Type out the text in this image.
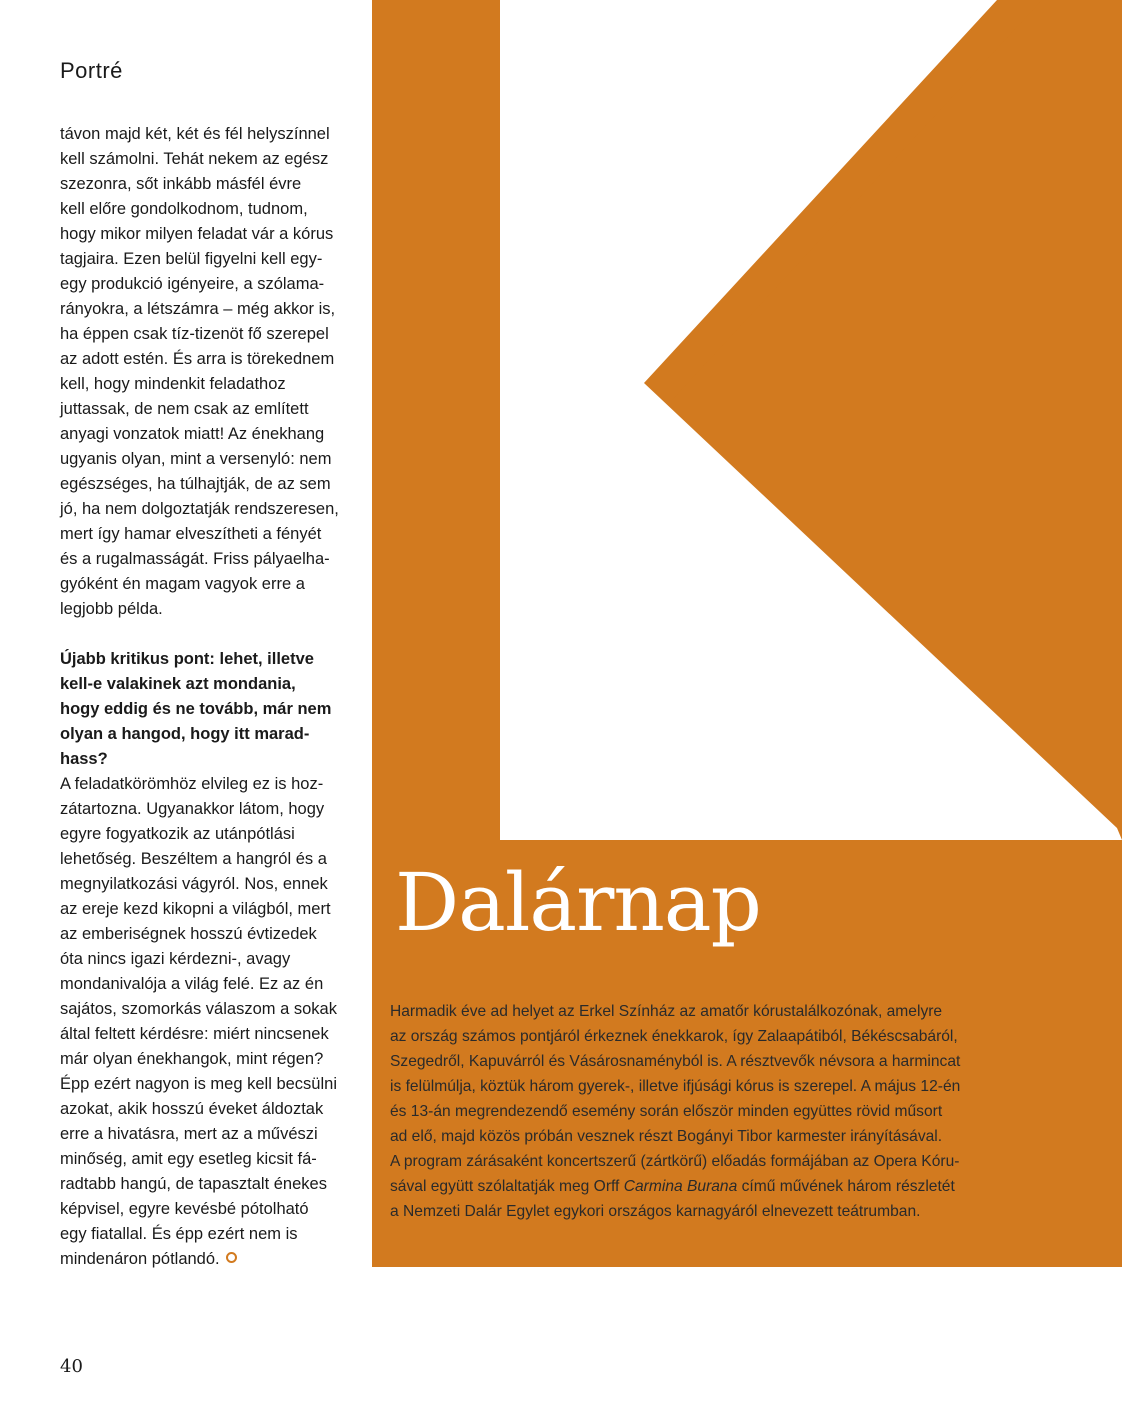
Portré
távon majd két, két és fél helyszínnel
kell számolni. Tehát nekem az egész
szezonra, sőt inkább másfél évre
kell előre gondolkodnom, tudnom,
hogy mikor milyen feladat vár a kórus
tagjaira. Ezen belül figyelni kell egy-
egy produkció igényeire, a szólama-
rányokra, a létszámra – még akkor is,
ha éppen csak tíz-tizenöt fő szerepel
az adott estén. És arra is törekednem
kell, hogy mindenkit feladathoz
juttassak, de nem csak az említett
anyagi vonzatok miatt! Az énekhang
ugyanis olyan, mint a versenyló: nem
egészséges, ha túlhajtják, de az sem
jó, ha nem dolgoztatják rendszeresen,
mert így hamar elveszítheti a fényét
és a rugalmasságát. Friss pályaelha-
gyóként én magam vagyok erre a
legjobb példa.
Újabb kritikus pont: lehet, illetve
kell-e valakinek azt mondania,
hogy eddig és ne tovább, már nem
olyan a hangod, hogy itt marad-
hass?
A feladatkörömhöz elvileg ez is hoz-
zátartozna. Ugyanakkor látom, hogy
egyre fogyatkozik az utánpótlási
lehetőség. Beszéltem a hangról és a
megnyilatkozási vágyról. Nos, ennek
az ereje kezd kikopni a világból, mert
az emberiségnek hosszú évtizedek
óta nincs igazi kérdezni-, avagy
mondanivalója a világ felé. Ez az én
sajátos, szomorkás válaszom a sokak
által feltett kérdésre: miért nincsenek
már olyan énekhangok, mint régen?
Épp ezért nagyon is meg kell becsülni
azokat, akik hosszú éveket áldoztak
erre a hivatásra, mert az a művészi
minőség, amit egy esetleg kicsit fá-
radtabb hangú, de tapasztalt énekes
képvisel, egyre kevésbé pótolható
egy fiatallal. És épp ezért nem is
mindenáron pótlandó.
Dalárnap
Harmadik éve ad helyet az Erkel Színház az amatőr kórustalálkozónak, amelyre
az ország számos pontjáról érkeznek énekkarok, így Zalaapátiból, Békéscsabáról,
Szegedről, Kapuvárról és Vásárosnaményból is. A résztvevők névsora a harmincat
is felülmúlja, köztük három gyerek-, illetve ifjúsági kórus is szerepel. A május 12-én
és 13-án megrendezendő esemény során először minden együttes rövid műsort
ad elő, majd közös próbán vesznek részt Bogányi Tibor karmester irányításával.
A program zárásaként koncertszerű (zártkörű) előadás formájában az Opera Kóru-
sával együtt szólaltatják meg Orff Carmina Burana című művének három részletét
a Nemzeti Dalár Egylet egykori országos karnagyáról elnevezett teátrumban.
40
